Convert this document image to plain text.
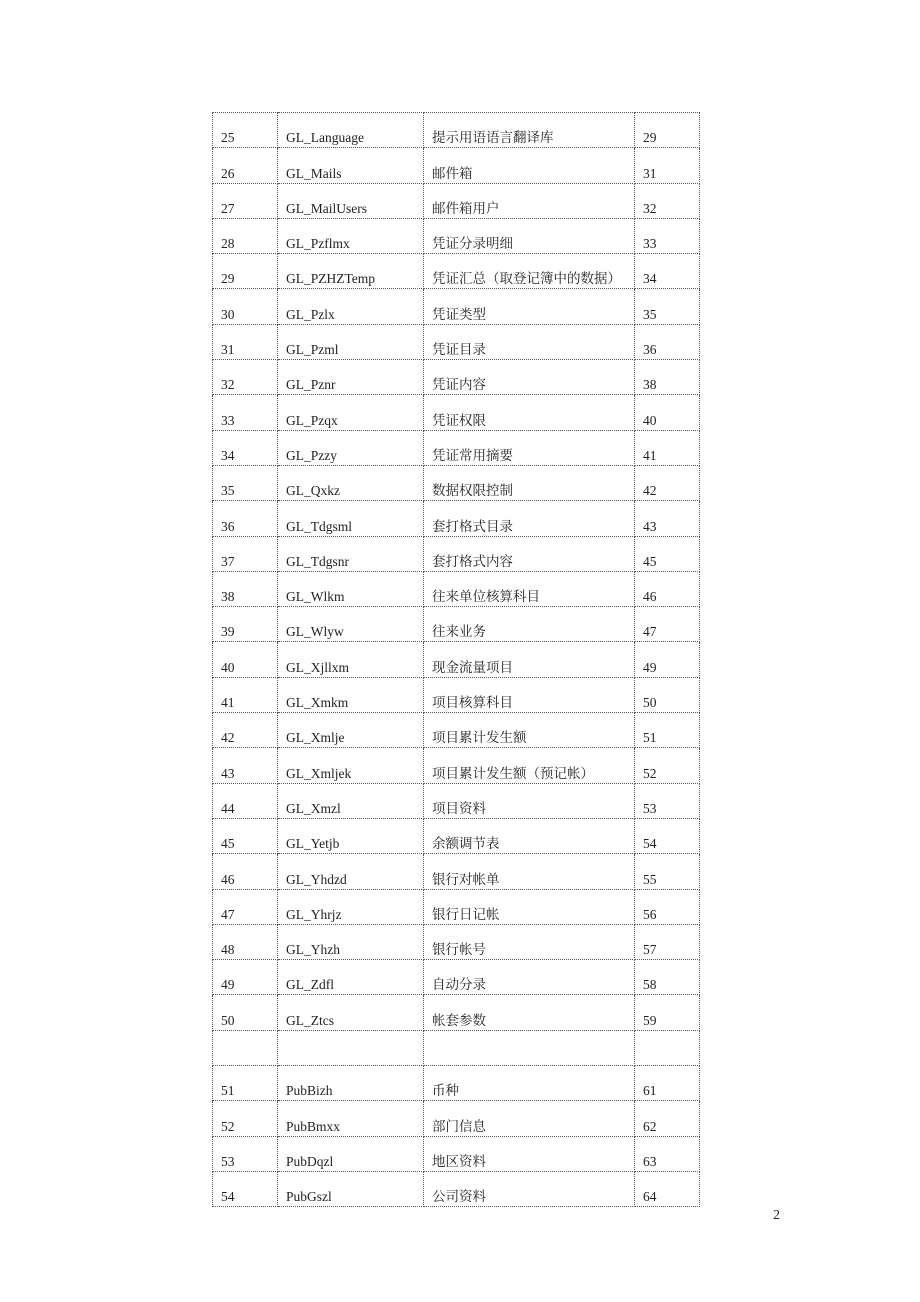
25	GL_Language	提示用语语言翻译库	29
26	GL_Mails	邮件箱	31
27	GL_MailUsers	邮件箱用户	32
28	GL_Pzflmx	凭证分录明细	33
29	GL_PZHZTemp	凭证汇总（取登记簿中的数据）	34
30	GL_Pzlx	凭证类型	35
31	GL_Pzml	凭证目录	36
32	GL_Pznr	凭证内容	38
33	GL_Pzqx	凭证权限	40
34	GL_Pzzy	凭证常用摘要	41
35	GL_Qxkz	数据权限控制	42
36	GL_Tdgsml	套打格式目录	43
37	GL_Tdgsnr	套打格式内容	45
38	GL_Wlkm	往来单位核算科目	46
39	GL_Wlyw	往来业务	47
40	GL_Xjllxm	现金流量项目	49
41	GL_Xmkm	项目核算科目	50
42	GL_Xmlje	项目累计发生额	51
43	GL_Xmljek	项目累计发生额（预记帐）	52
44	GL_Xmzl	项目资料	53
45	GL_Yetjb	余额调节表	54
46	GL_Yhdzd	银行对帐单	55
47	GL_Yhrjz	银行日记帐	56
48	GL_Yhzh	银行帐号	57
49	GL_Zdfl	自动分录	58
50	GL_Ztcs	帐套参数	59

51	PubBizh	币种	61
52	PubBmxx	部门信息	62
53	PubDqzl	地区资料	63
54	PubGszl	公司资料	64
2
